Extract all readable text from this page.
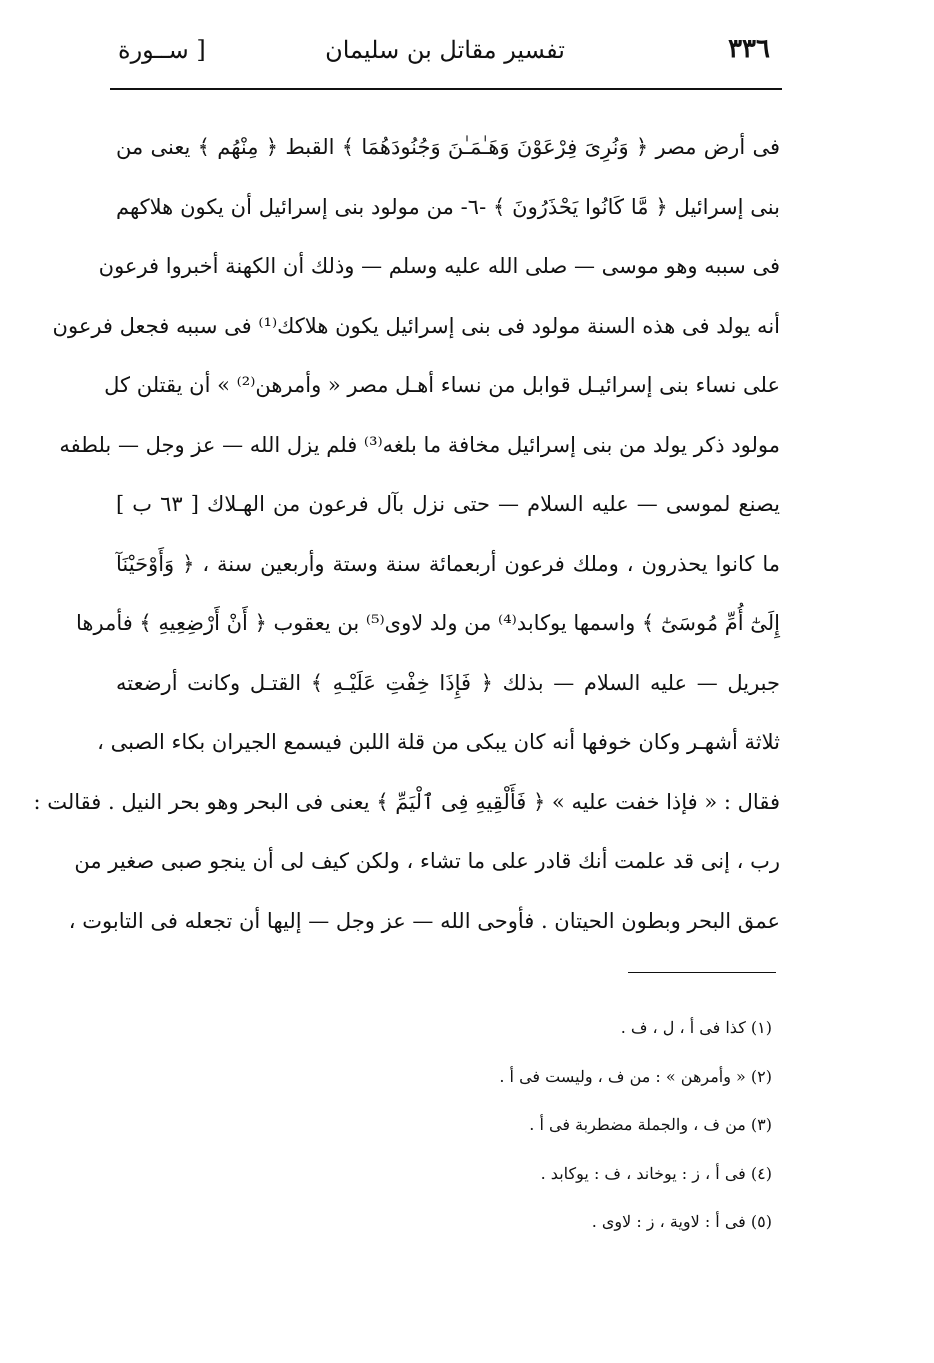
٣٣٦
تفسير مقاتل بن سليمان
[ ســورة
فى أرض مصر ﴿ وَنُرِىَ فِرْعَوْنَ وَهَـٰمَـٰنَ وَجُنُودَهُمَا ﴾ القبط ﴿ مِنْهُم ﴾ يعنى من
بنى إسرائيل ﴿ مَّا كَانُوا يَحْذَرُونَ ﴾ -٦- من مولود بنى إسرائيل أن يكون هلاكهم
فى سببه وهو موسى — صلى الله عليه وسلم — وذلك أن الكهنة أخبروا فرعون
أنه يولد فى هذه السنة مولود فى بنى إسرائيل يكون هلاكك⁽¹⁾ فى سببه فجعل فرعون
على نساء بنى إسرائيـل قوابل من نساء أهـل مصر « وأمرهن⁽²⁾ » أن يقتلن كل
مولود ذكر يولد من بنى إسرائيل مخافة ما بلغه⁽³⁾ فلم يزل الله — عز وجل — بلطفه
يصنع لموسى — عليه السلام — حتى نزل بآل فرعون من الهـلاك [ ٦٣ ب ]
ما كانوا يحذرون ، وملك فرعون أربعمائة سنة وستة وأربعين سنة ، ﴿ وَأَوْحَيْنَآ
إِلَىٰٓ أُمِّ مُوسَىٰٓ ﴾ واسمها يوكابد⁽⁴⁾ من ولد لاوى⁽⁵⁾ بن يعقوب ﴿ أَنْ أَرْضِعِيهِ ﴾ فأمرها
جبريل — عليه السلام — بذلك ﴿ فَإِذَا خِفْتِ عَلَيْـهِ ﴾ القتـل وكانت أرضعته
ثلاثة أشهـر وكان خوفها أنه كان يبكى من قلة اللبن فيسمع الجيران بكاء الصبى ،
فقال : « فإذا خفت عليه » ﴿ فَأَلْقِيهِ فِى ٱلْيَمِّ ﴾ يعنى فى البحر وهو بحر النيل . فقالت :
رب ، إنى قد علمت أنك قادر على ما تشاء ، ولكن كيف لى أن ينجو صبى صغير من
عمق البحر وبطون الحيتان . فأوحى الله — عز وجل — إليها أن تجعله فى التابوت ،
(١) كذا فى أ ، ل ، ف .
(٢) « وأمرهن » : من ف ، وليست فى أ .
(٣) من ف ، والجملة مضطربة فى أ .
(٤) فى أ ، ز : يوخاند ، ف : يوكابد .
(٥) فى أ : لاوية ، ز : لاوى .
